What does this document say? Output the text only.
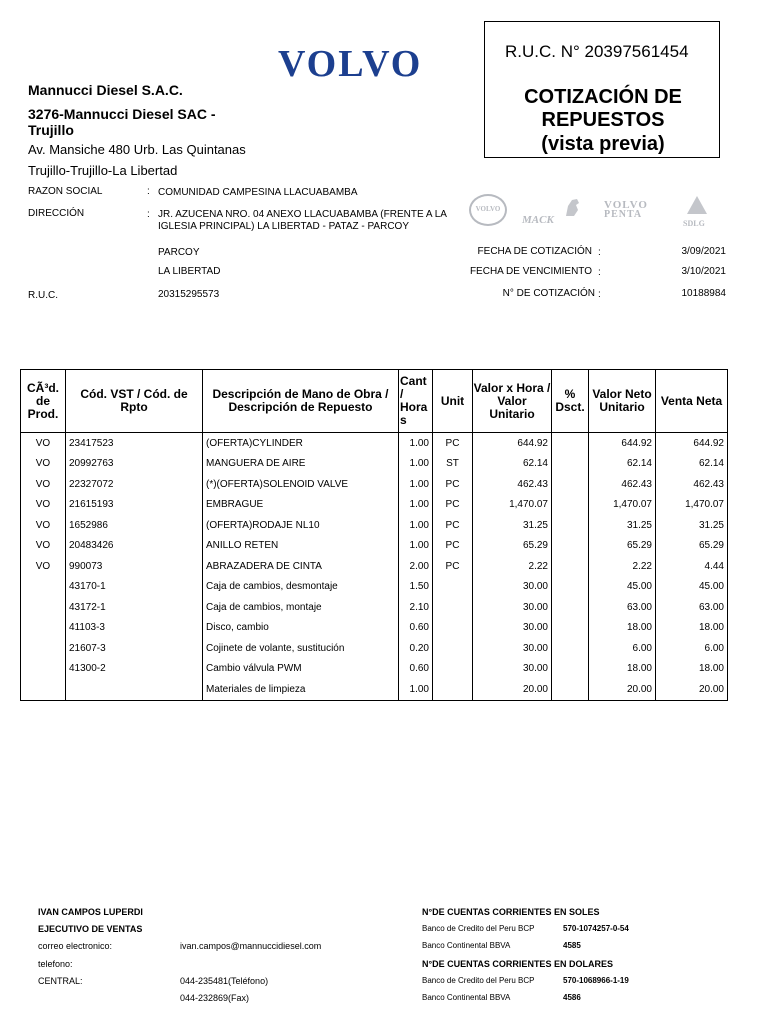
VOLVO	R.U.C. N° 20397561454
COTIZACIÓN DE REPUESTOS
(vista previa)
Mannucci Diesel S.A.C.
3276-Mannucci Diesel SAC - Trujillo
Av. Mansiche 480 Urb. Las Quintanas
Trujillo-Trujillo-La Libertad
RAZON SOCIAL	: COMUNIDAD CAMPESINA LLACUABAMBA
DIRECCIÓN	: JR. AZUCENA NRO. 04 ANEXO LLACUABAMBA (FRENTE A LA
IGLESIA PRINCIPAL) LA LIBERTAD - PATAZ - PARCOY
PARCOY
LA LIBERTAD
R.U.C.	20315295573
VOLVO
MACK
VOLVO
PENTA
SDLG
FECHA DE COTIZACIÓN :	3/09/2021
FECHA DE VENCIMIENTO :	3/10/2021
N° DE COTIZACIÓN :	10188984
CÃ³d. de Prod.	Cód. VST / Cód. de Rpto	Descripción de Mano de Obra / Descripción de Repuesto	Cant / Hora s	Unit	Valor x Hora / Valor Unitario	% Dsct.	Valor Neto Unitario	Venta Neta
VO	23417523	(OFERTA)CYLINDER	1.00	PC	644.92		644.92	644.92
VO	20992763	MANGUERA DE AIRE	1.00	ST	62.14		62.14	62.14
VO	22327072	(*)(OFERTA)SOLENOID VALVE	1.00	PC	462.43		462.43	462.43
VO	21615193	EMBRAGUE	1.00	PC	1,470.07		1,470.07	1,470.07
VO	1652986	(OFERTA)RODAJE NL10	1.00	PC	31.25		31.25	31.25
VO	20483426	ANILLO RETEN	1.00	PC	65.29		65.29	65.29
VO	990073	ABRAZADERA DE CINTA	2.00	PC	2.22		2.22	4.44
	43170-1	Caja de cambios, desmontaje	1.50		30.00		45.00	45.00
	43172-1	Caja de cambios, montaje	2.10		30.00		63.00	63.00
	41103-3	Disco, cambio	0.60		30.00		18.00	18.00
	21607-3	Cojinete de volante, sustitución	0.20		30.00		6.00	6.00
	41300-2	Cambio válvula PWM	0.60		30.00		18.00	18.00
		Materiales de limpieza	1.00		20.00		20.00	20.00
IVAN CAMPOS LUPERDI
EJECUTIVO DE VENTAS
correo electronico:	ivan.campos@mannuccidiesel.com
telefono:
CENTRAL:	044-235481(Teléfono)
044-232869(Fax)
N°DE CUENTAS CORRIENTES EN SOLES
Banco de Credito del Peru BCP	570-1074257-0-54
Banco Continental BBVA	4585
N°DE CUENTAS CORRIENTES EN DOLARES
Banco de Credito del Peru BCP	570-1068966-1-19
Banco Continental BBVA	4586
